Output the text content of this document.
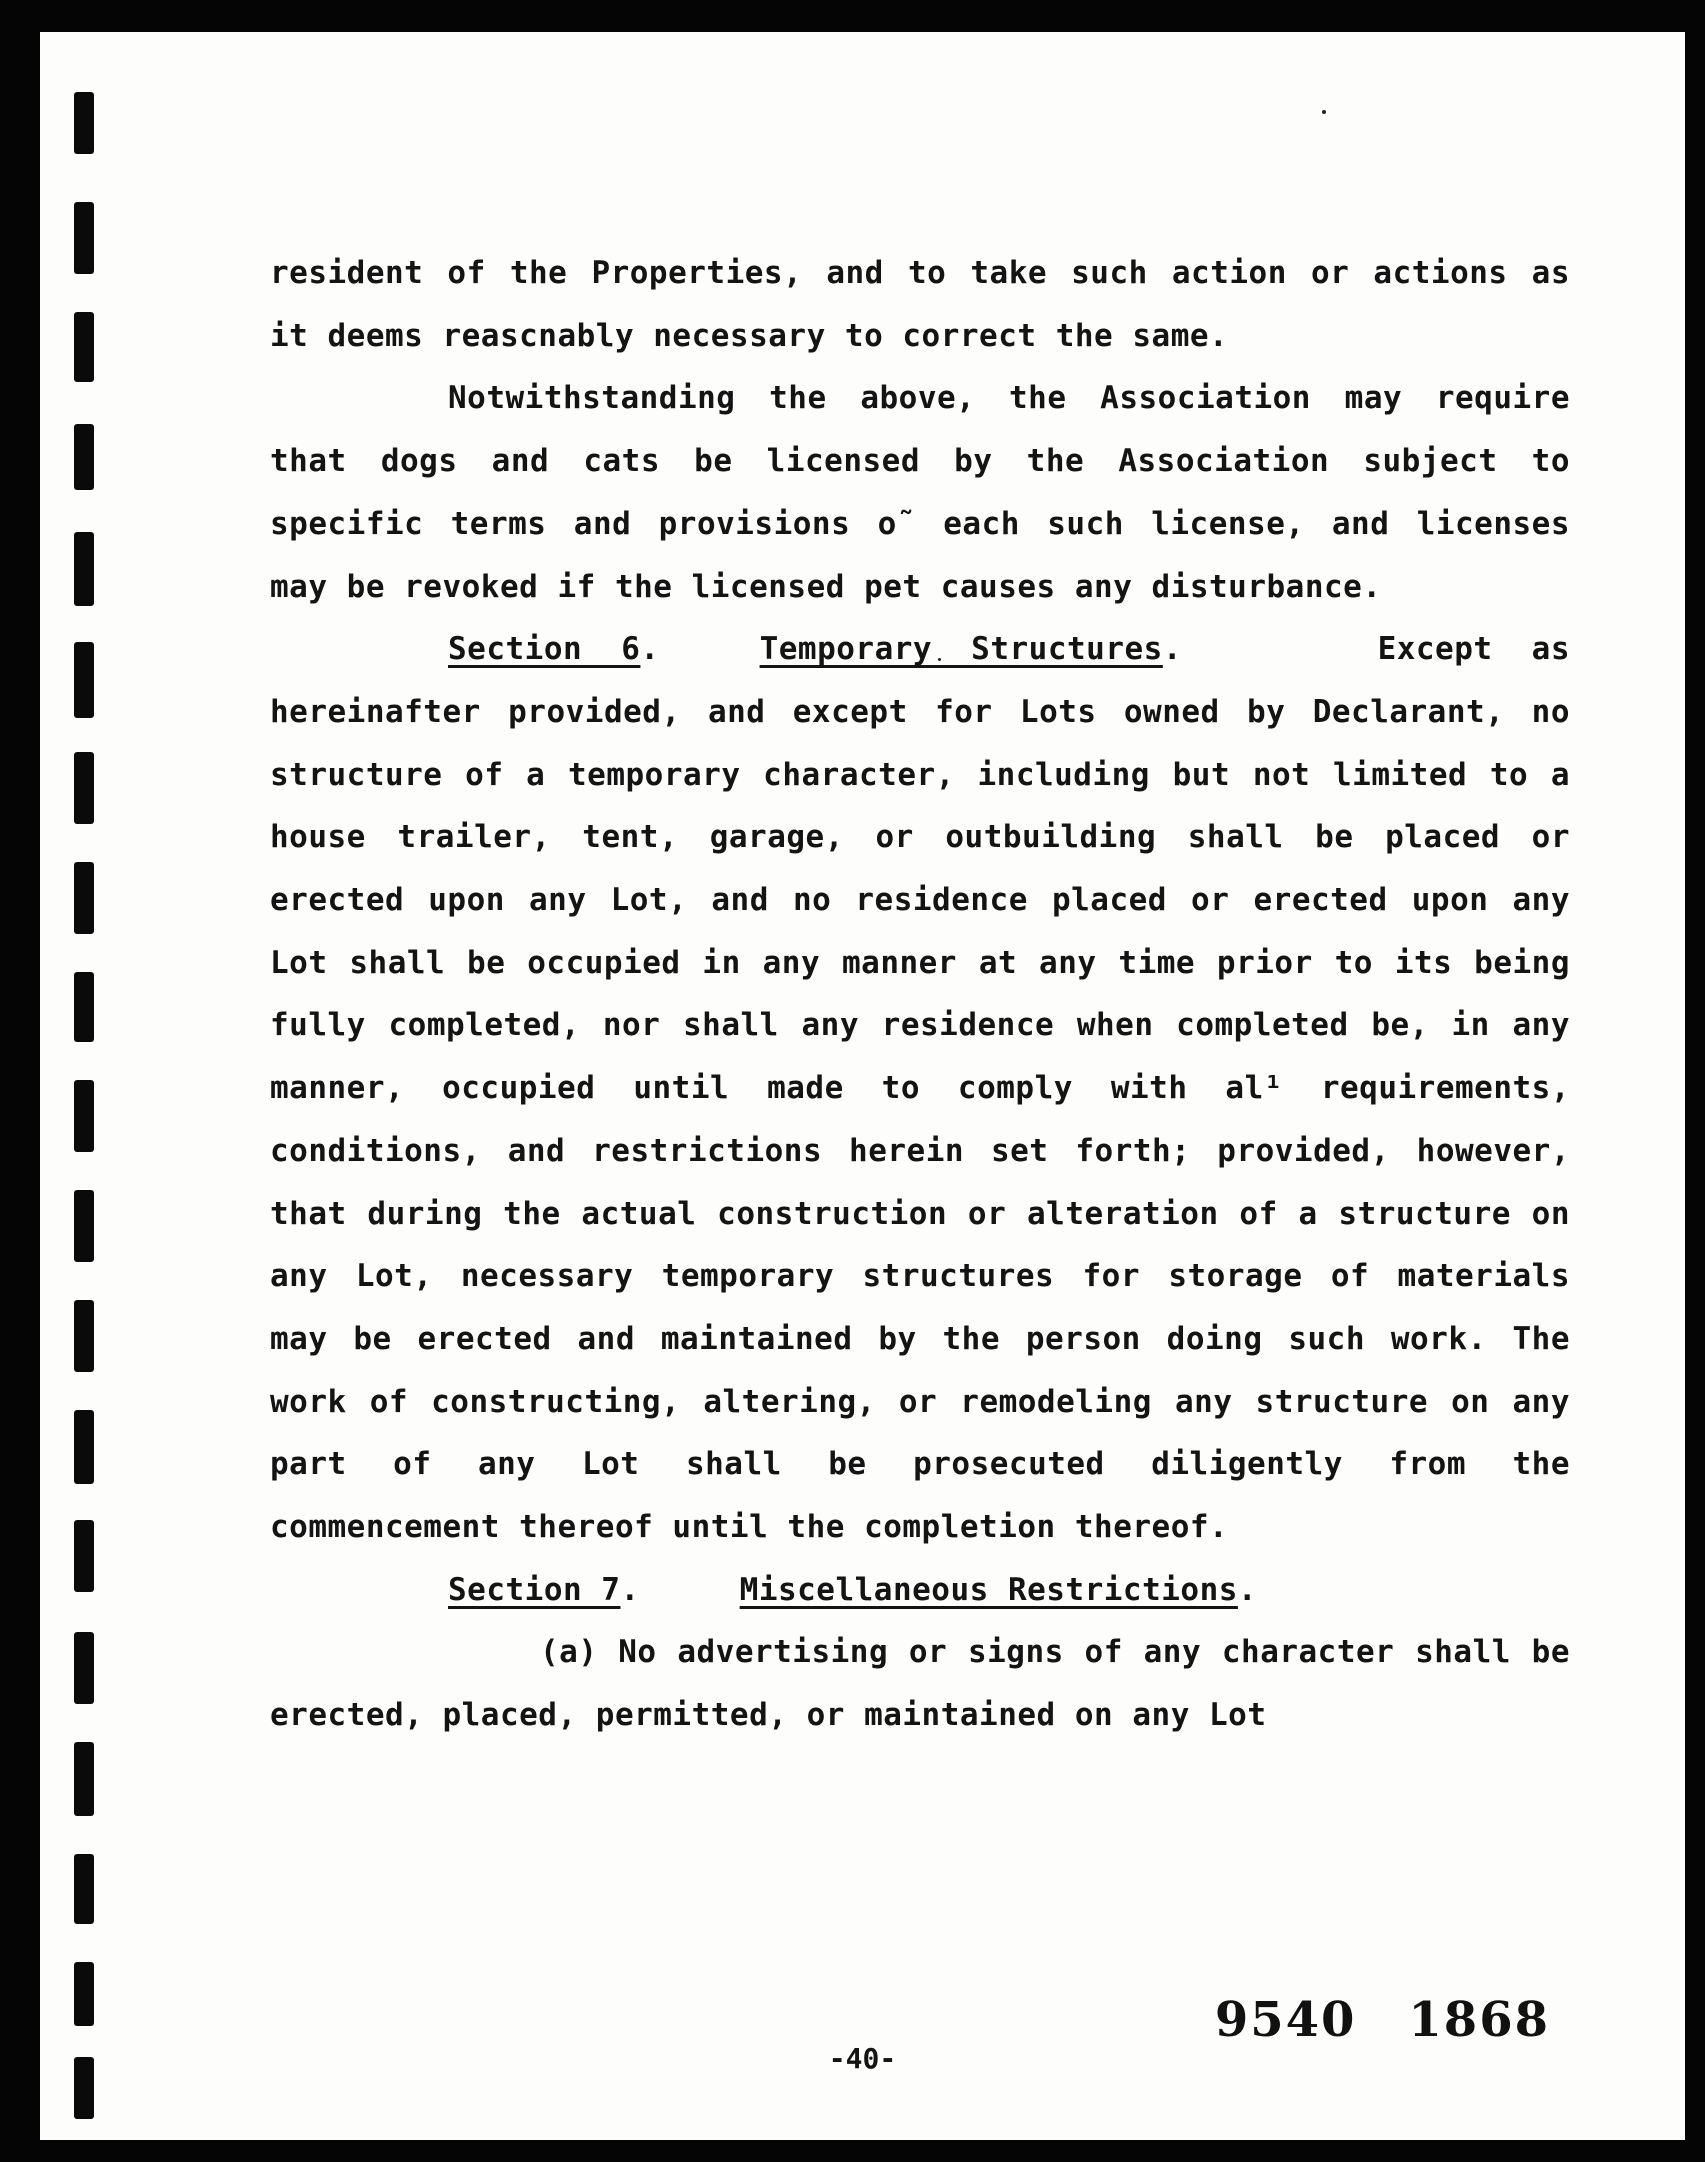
resident of the Properties, and to take such action or actions as it deems reascnably necessary to correct the same.

Notwithstanding the above, the Association may require that dogs and cats be licensed by the Association subject to specific terms and provisions o˜ each such license, and licenses may be revoked if the licensed pet causes any disturbance.

Section 6.	Temporary Structures.     Except as hereinafter provided, and except for Lots owned by Declarant, no structure of a temporary character, including but not limited to a house trailer, tent, garage, or outbuilding shall be placed or erected upon any Lot, and no residence placed or erected upon any Lot shall be occupied in any manner at any time prior to its being fully completed, nor shall any residence when completed be, in any manner, occupied until made to comply with al¹ requirements, conditions, and restrictions herein set forth; provided, however, that during the actual construction or alteration of a structure on any Lot, necessary temporary structures for storage of materials may be erected and maintained by the person doing such work. The work of constructing, altering, or remodeling any structure on any part of any Lot shall be prosecuted diligently from the commencement thereof until the completion thereof.

Section 7.	Miscellaneous Restrictions.

(a) No advertising or signs of any character shall be erected, placed, permitted, or maintained on any Lot

9540 1868
-40-
